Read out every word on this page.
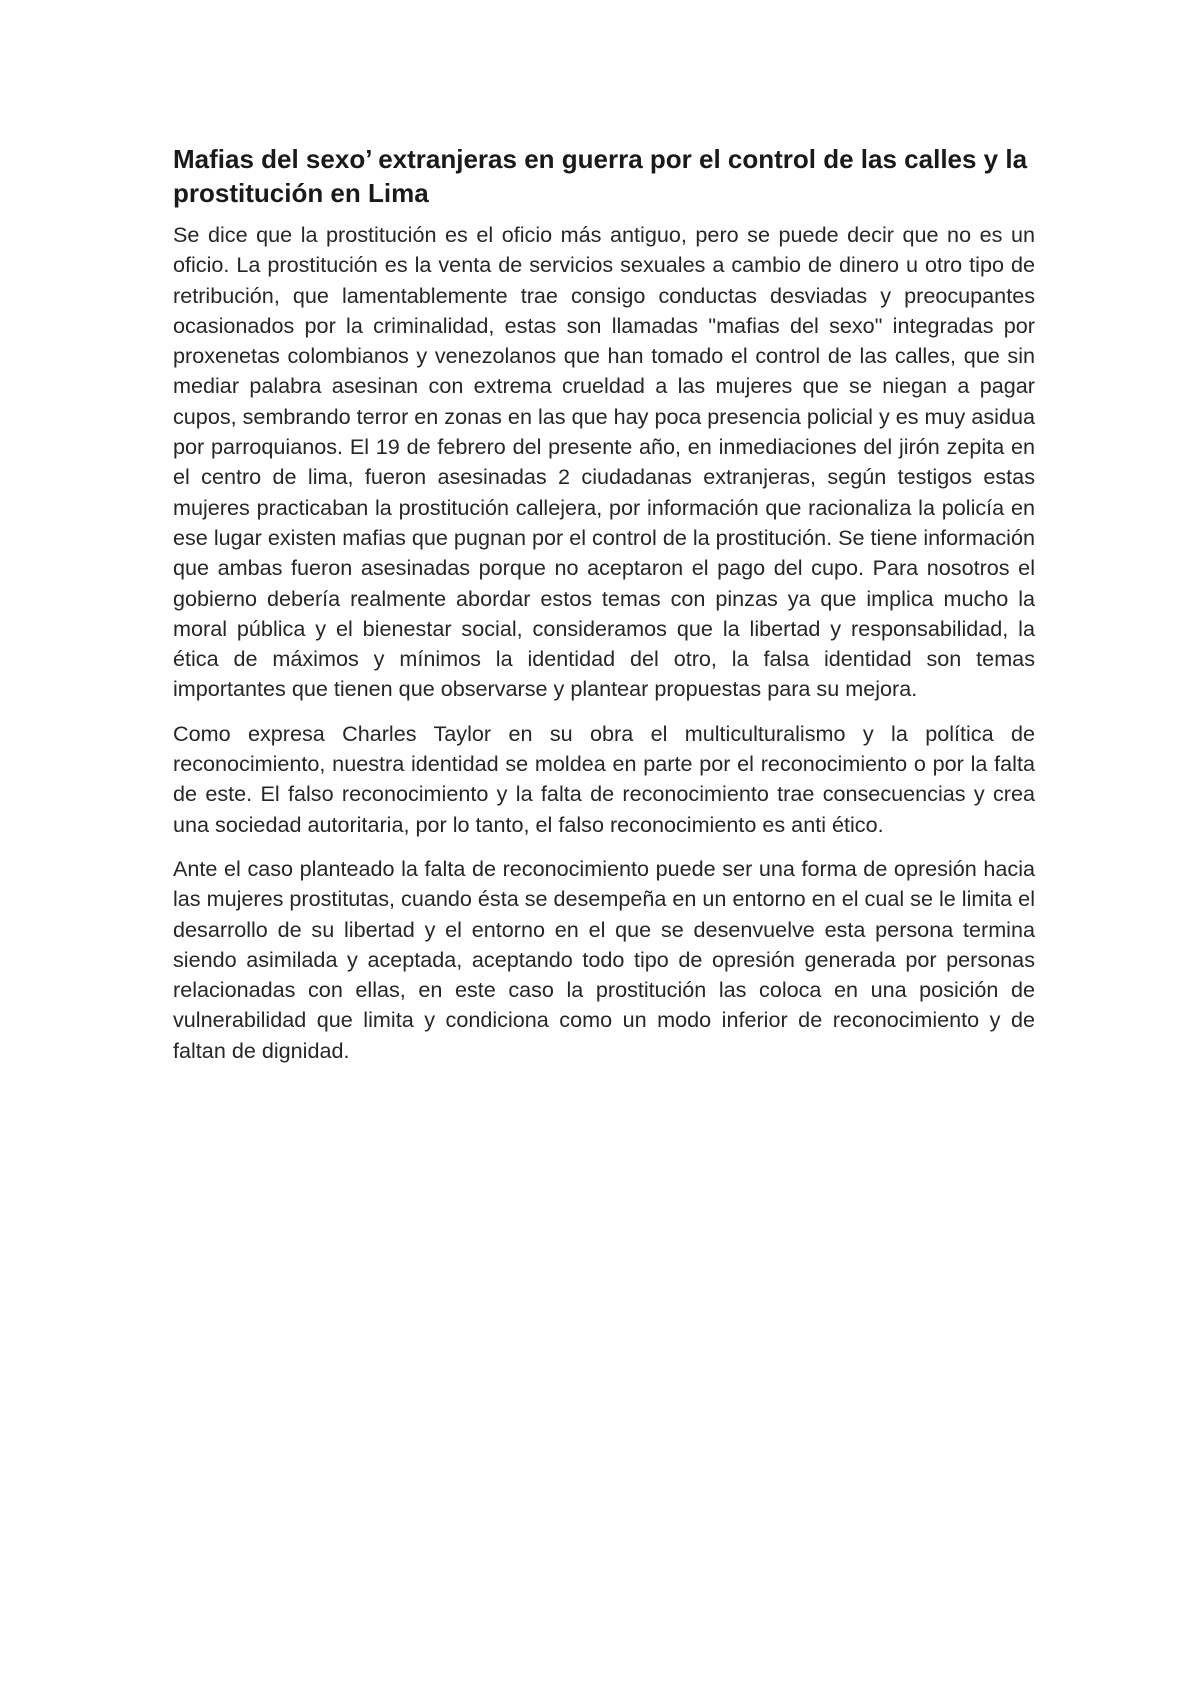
Mafias del sexo’ extranjeras en guerra por el control de las calles y la prostitución en Lima

Se dice que la prostitución es el oficio más antiguo, pero se puede decir que no es un oficio. La prostitución es la venta de servicios sexuales a cambio de dinero u otro tipo de retribución, que lamentablemente trae consigo conductas desviadas y preocupantes ocasionados por la criminalidad, estas son llamadas "mafias del sexo" integradas por proxenetas colombianos y venezolanos que han tomado el control de las calles, que sin mediar palabra asesinan con extrema crueldad a las mujeres que se niegan a pagar cupos, sembrando terror en zonas en las que hay poca presencia policial y es muy asidua por parroquianos. El 19 de febrero del presente año, en inmediaciones del jirón zepita en el centro de lima, fueron asesinadas 2 ciudadanas extranjeras, según testigos estas mujeres practicaban la prostitución callejera, por información que racionaliza la policía en ese lugar existen mafias que pugnan por el control de la prostitución. Se tiene información que ambas fueron asesinadas porque no aceptaron el pago del cupo. Para nosotros el gobierno debería realmente abordar estos temas con pinzas ya que implica mucho la moral pública y el bienestar social, consideramos que la libertad y responsabilidad, la ética de máximos y mínimos la identidad del otro, la falsa identidad son temas importantes que tienen que observarse y plantear propuestas para su mejora.

Como expresa Charles Taylor en su obra el multiculturalismo y la política de reconocimiento, nuestra identidad se moldea en parte por el reconocimiento o por la falta de este. El falso reconocimiento y la falta de reconocimiento trae consecuencias y crea una sociedad autoritaria, por lo tanto, el falso reconocimiento es anti ético.

Ante el caso planteado la falta de reconocimiento puede ser una forma de opresión hacia las mujeres prostitutas, cuando ésta se desempeña en un entorno en el cual se le limita el desarrollo de su libertad y el entorno en el que se desenvuelve esta persona termina siendo asimilada y aceptada, aceptando todo tipo de opresión generada por personas relacionadas con ellas, en este caso la prostitución las coloca en una posición de vulnerabilidad que limita y condiciona como un modo inferior de reconocimiento y de faltan de dignidad.
